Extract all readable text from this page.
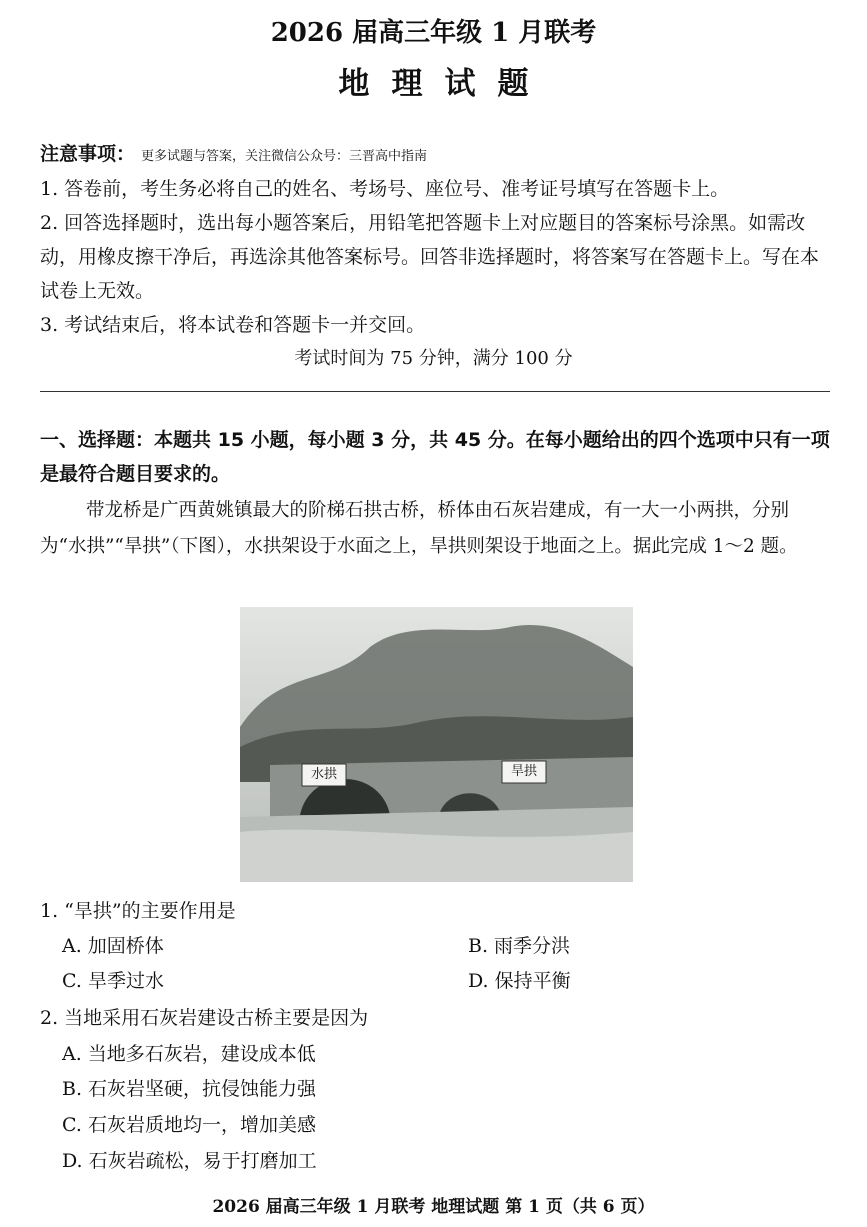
2026 届高三年级 1 月联考
地理试题
注意事项： 更多试题与答案，关注微信公众号：三晋高中指南
1. 答卷前，考生务必将自己的姓名、考场号、座位号、准考证号填写在答题卡上。
2. 回答选择题时，选出每小题答案后，用铅笔把答题卡上对应题目的答案标号涂黑。如需改动，用橡皮擦干净后，再选涂其他答案标号。回答非选择题时，将答案写在答题卡上。写在本试卷上无效。
3. 考试结束后，将本试卷和答题卡一并交回。
考试时间为 75 分钟，满分 100 分
一、选择题：本题共 15 小题，每小题 3 分，共 45 分。在每小题给出的四个选项中只有一项是最符合题目要求的。
带龙桥是广西黄姚镇最大的阶梯石拱古桥，桥体由石灰岩建成，有一大一小两拱，分别为“水拱”“旱拱”（下图），水拱架设于水面之上，旱拱则架设于地面之上。据此完成 1～2 题。
水拱	旱拱
1. “旱拱”的主要作用是
A. 加固桥体	B. 雨季分洪
C. 旱季过水	D. 保持平衡
2. 当地采用石灰岩建设古桥主要是因为
A. 当地多石灰岩，建设成本低
B. 石灰岩坚硬，抗侵蚀能力强
C. 石灰岩质地均一，增加美感
D. 石灰岩疏松，易于打磨加工
2026 届高三年级 1 月联考 地理试题 第 1 页（共 6 页）
